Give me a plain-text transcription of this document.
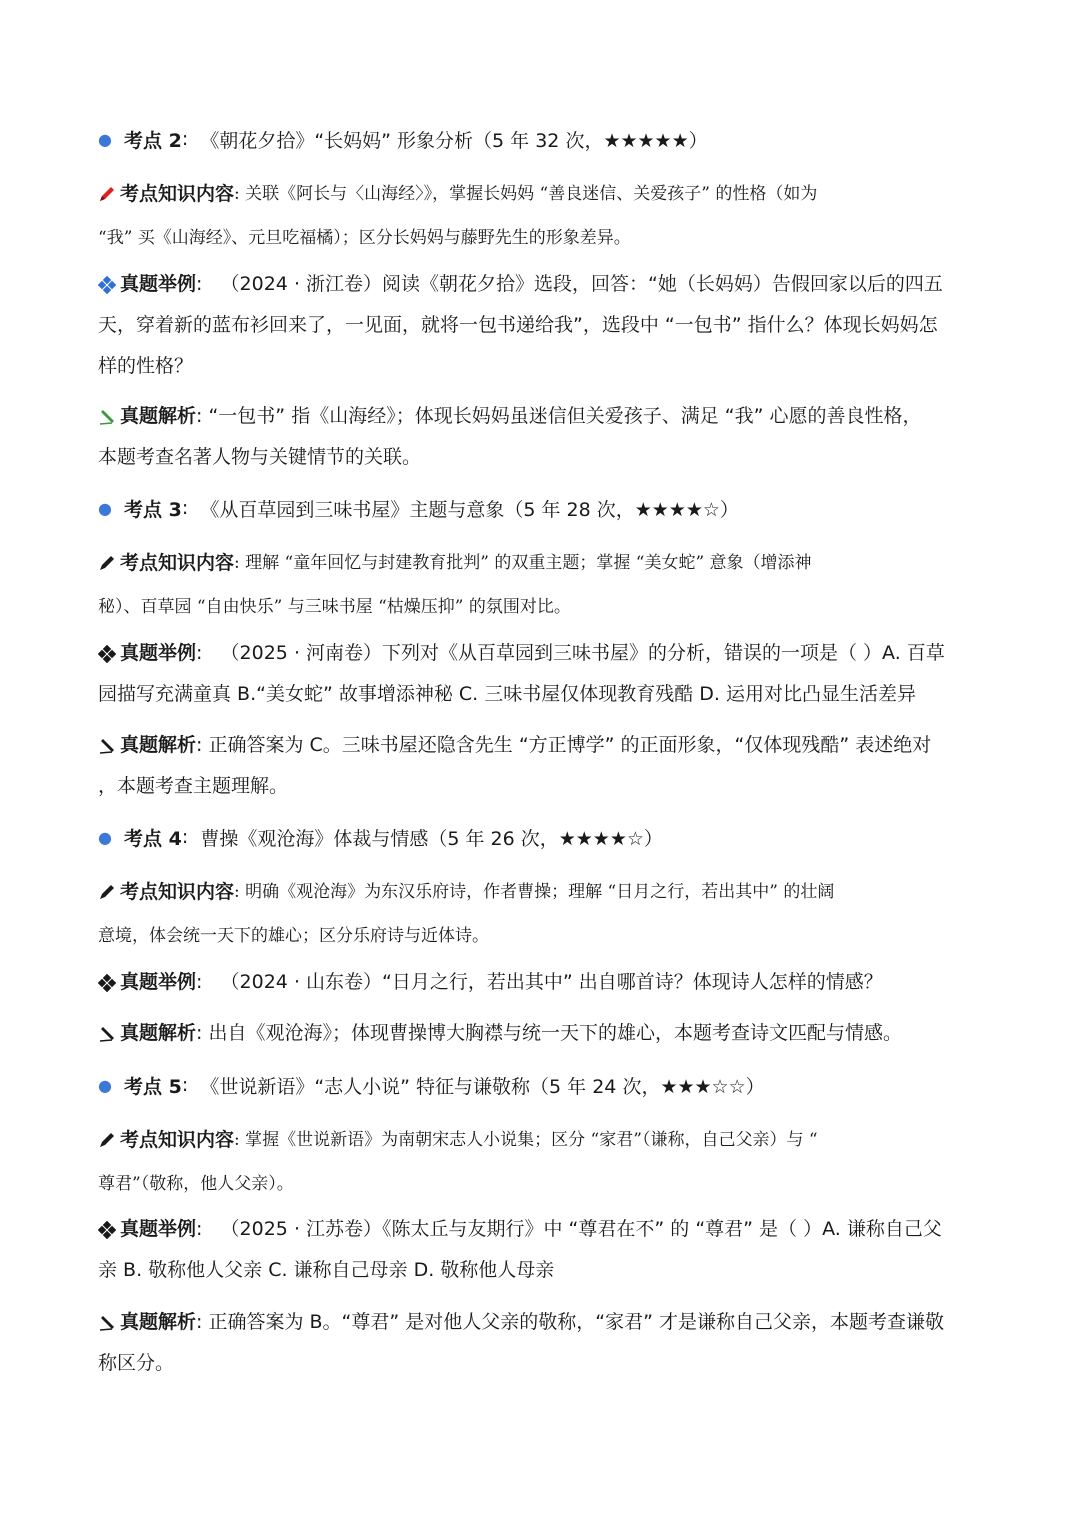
● 考点 2 : 《朝花夕拾》“长妈妈” 形象分析（5 年 32 次，★★★★★）
考点知识内容 : 关联《阿长与〈山海经〉》，掌握长妈妈 “善良迷信、关爱孩子” 的性格（如为
“我” 买《山海经》、元旦吃福橘）；区分长妈妈与藤野先生的形象差异。
真题举例 : （2024 · 浙江卷）阅读《朝花夕拾》选段，回答：“她（长妈妈）告假回家以后的四五
天，穿着新的蓝布衫回来了，一见面，就将一包书递给我”，选段中 “一包书” 指什么？体现长妈妈怎
样的性格？
真题解析 : “一包书” 指《山海经》；体现长妈妈虽迷信但关爱孩子、满足 “我” 心愿的善良性格，
本题考查名著人物与关键情节的关联。
● 考点 3 : 《从百草园到三味书屋》主题与意象（5 年 28 次，★★★★☆）
考点知识内容 : 理解 “童年回忆与封建教育批判” 的双重主题；掌握 “美女蛇” 意象（增添神
秘）、百草园 “自由快乐” 与三味书屋 “枯燥压抑” 的氛围对比。
真题举例 : （2025 · 河南卷）下列对《从百草园到三味书屋》的分析，错误的一项是（ ）A. 百草
园描写充满童真 B.“美女蛇” 故事增添神秘 C. 三味书屋仅体现教育残酷 D. 运用对比凸显生活差异
真题解析 : 正确答案为 C。三味书屋还隐含先生 “方正博学” 的正面形象，“仅体现残酷” 表述绝对
，本题考查主题理解。
● 考点 4 : 曹操《观沧海》体裁与情感（5 年 26 次，★★★★☆）
考点知识内容 : 明确《观沧海》为东汉乐府诗，作者曹操；理解 “日月之行，若出其中” 的壮阔
意境，体会统一天下的雄心；区分乐府诗与近体诗。
真题举例 : （2024 · 山东卷）“日月之行，若出其中” 出自哪首诗？体现诗人怎样的情感？
真题解析 : 出自《观沧海》；体现曹操博大胸襟与统一天下的雄心，本题考查诗文匹配与情感。
● 考点 5 : 《世说新语》“志人小说” 特征与谦敬称（5 年 24 次，★★★☆☆）
考点知识内容 : 掌握《世说新语》为南朝宋志人小说集；区分 “家君”（谦称，自己父亲）与 “
尊君”（敬称，他人父亲）。
真题举例 : （2025 · 江苏卷）《陈太丘与友期行》中 “尊君在不” 的 “尊君” 是（ ）A. 谦称自己父
亲 B. 敬称他人父亲 C. 谦称自己母亲 D. 敬称他人母亲
真题解析 : 正确答案为 B。“尊君” 是对他人父亲的敬称，“家君” 才是谦称自己父亲，本题考查谦敬
称区分。
